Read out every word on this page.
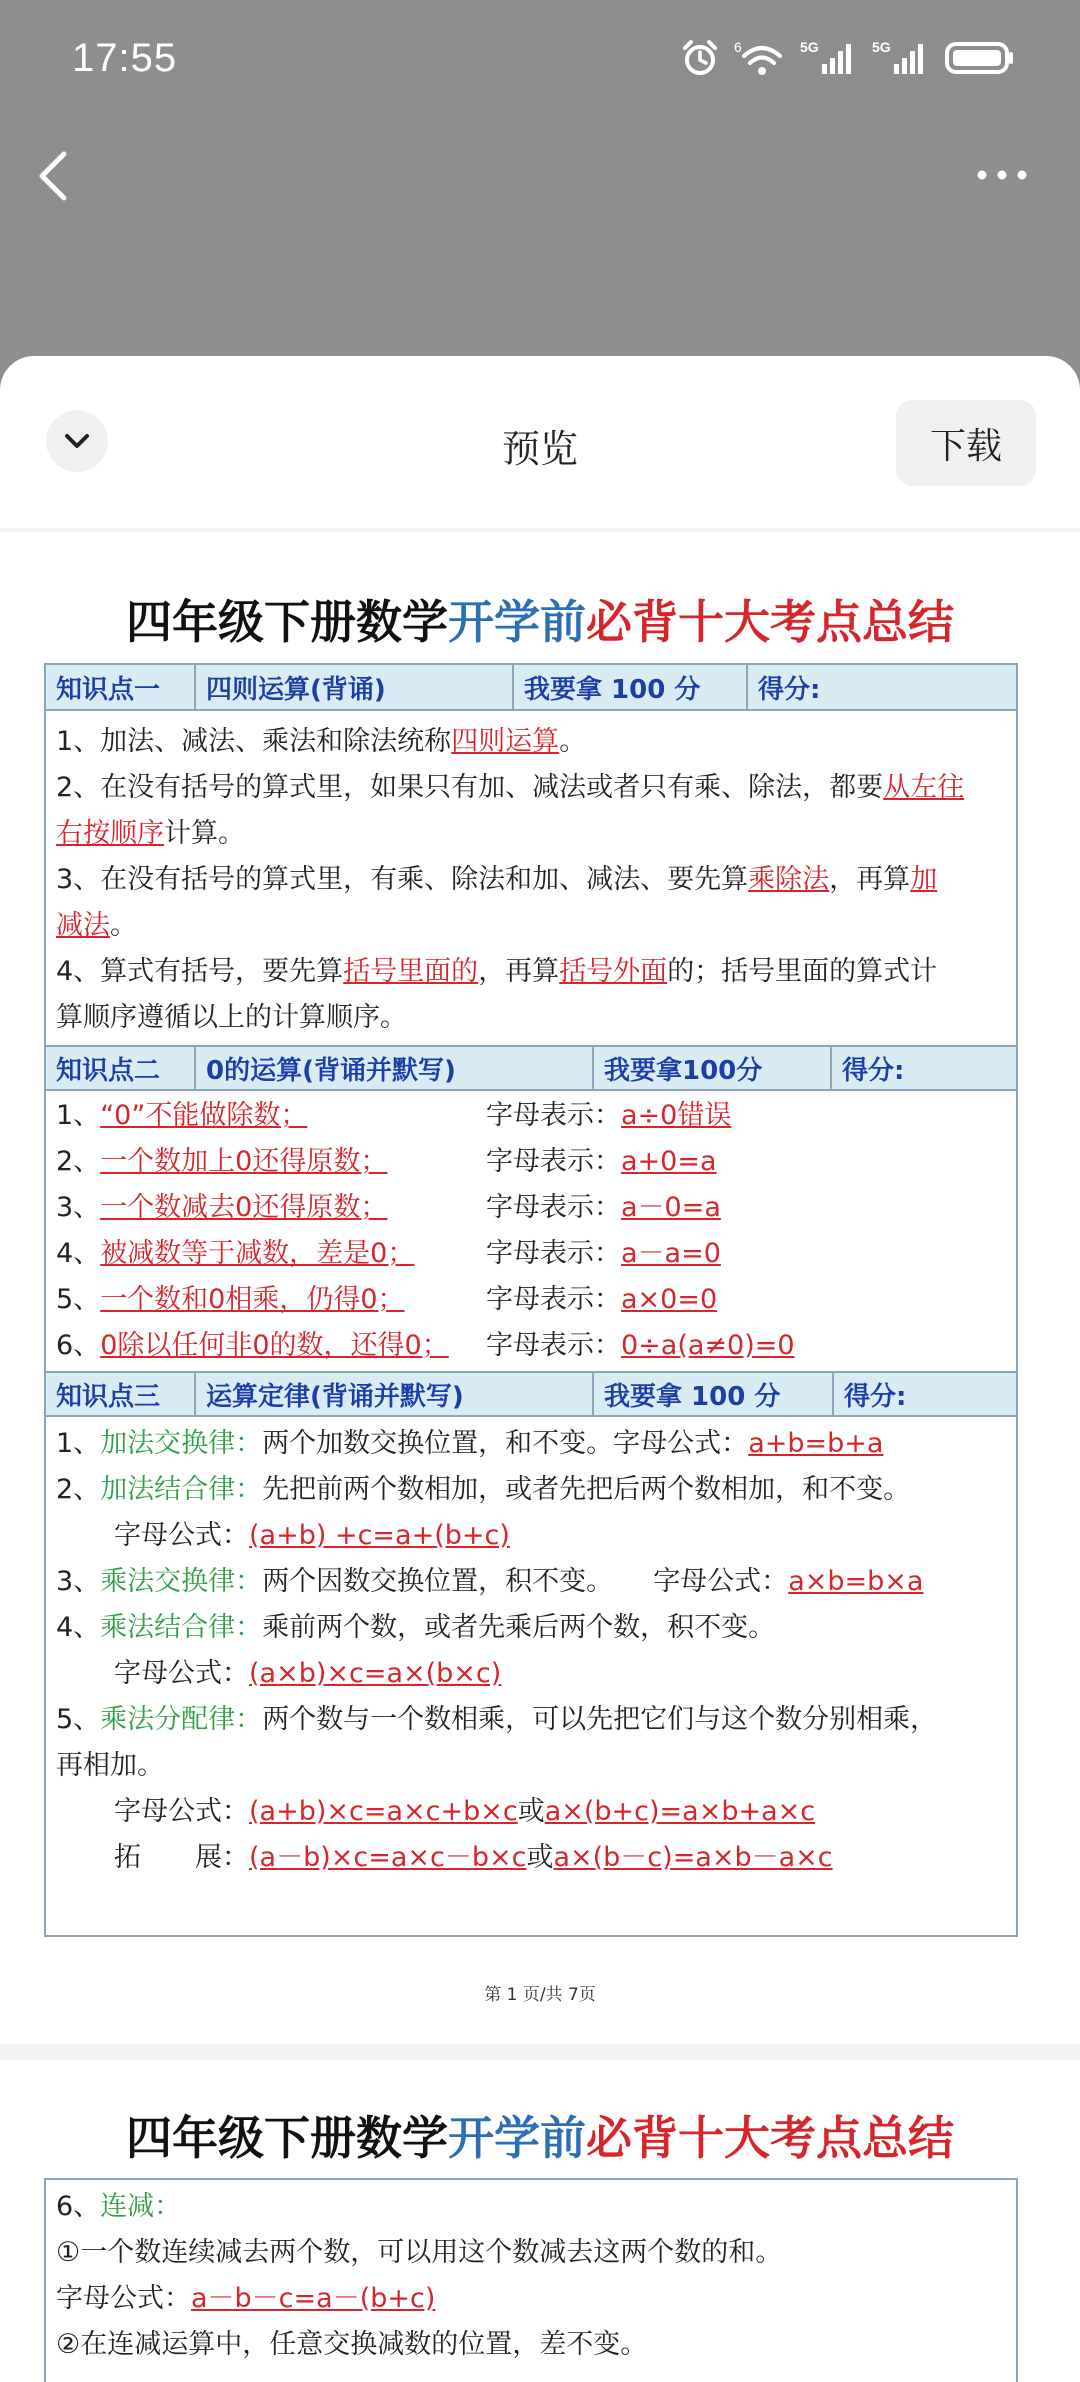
17:55	6	5G	5G
预览	下载
四年级下册数学开学前必背十大考点总结
知识点一	四则运算(背诵)	我要拿 100 分	得分:
1、加法、减法、乘法和除法统称四则运算。
2、在没有括号的算式里，如果只有加、减法或者只有乘、除法，都要从左往
右按顺序计算。
3、在没有括号的算式里，有乘、除法和加、减法、要先算乘除法，再算加
减法。
4、算式有括号，要先算括号里面的，再算括号外面的；括号里面的算式计
算顺序遵循以上的计算顺序。
知识点二	0的运算(背诵并默写)	我要拿100分	得分:
1、“0”不能做除数；	字母表示：a÷0错误
2、一个数加上0还得原数；	字母表示：a+0=a
3、一个数减去0还得原数；	字母表示：a－0=a
4、被减数等于减数，差是0；	字母表示：a－a=0
5、一个数和0相乘，仍得0；	字母表示：a×0=0
6、0除以任何非0的数，还得0；	字母表示：0÷a(a≠0)=0
知识点三	运算定律(背诵并默写)	我要拿 100 分	得分:
1、加法交换律：两个加数交换位置，和不变。字母公式：a+b=b+a
2、加法结合律：先把前两个数相加，或者先把后两个数相加，和不变。
字母公式：(a+b) +c=a+(b+c)
3、乘法交换律：两个因数交换位置，积不变。 字母公式：a×b=b×a
4、乘法结合律：乘前两个数，或者先乘后两个数，积不变。
字母公式：(a×b)×c=a×(b×c)
5、乘法分配律：两个数与一个数相乘，可以先把它们与这个数分别相乘，
再相加。
字母公式：(a+b)×c=a×c+b×c或a×(b+c)=a×b+a×c
拓　　展：(a－b)×c=a×c－b×c或a×(b－c)=a×b－a×c
第 1 页/共 7页
四年级下册数学开学前必背十大考点总结
6、连减：
①一个数连续减去两个数，可以用这个数减去这两个数的和。
字母公式：a－b－c=a－(b+c)
②在连减运算中，任意交换减数的位置，差不变。
